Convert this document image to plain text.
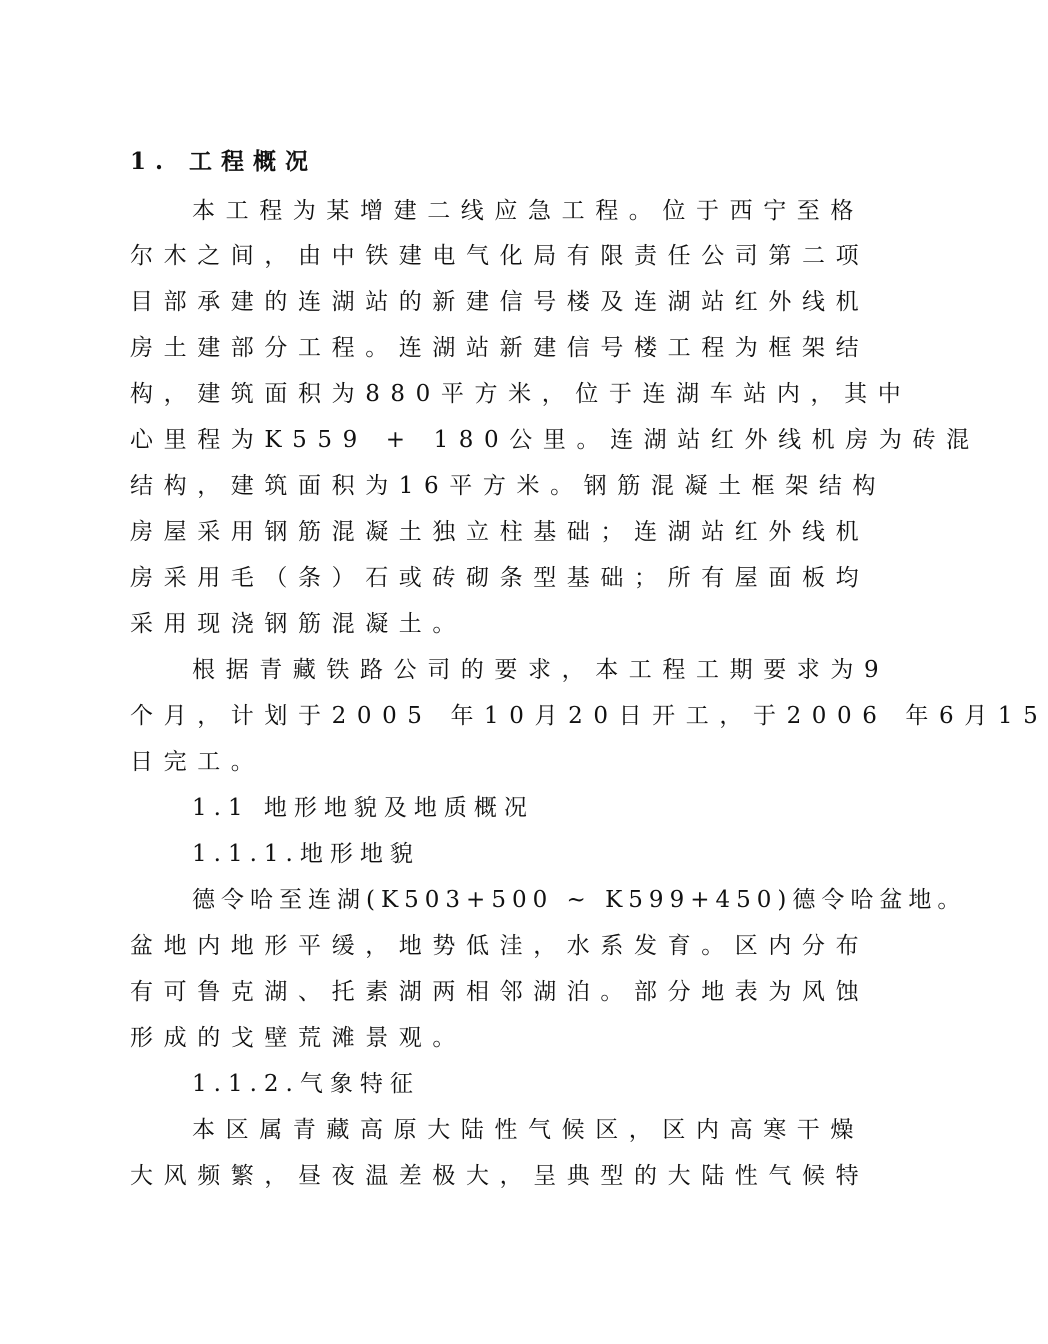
1. 工程概况
本工程为某增建二线应急工程。位于西宁至格
尔木之间，由中铁建电气化局有限责任公司第二项
目部承建的连湖站的新建信号楼及连湖站红外线机
房土建部分工程。连湖站新建信号楼工程为框架结
构，建筑面积为880平方米，位于连湖车站内，其中
心里程为K559 + 180公里。连湖站红外线机房为砖混
结构，建筑面积为16平方米。钢筋混凝土框架结构
房屋采用钢筋混凝土独立柱基础；连湖站红外线机
房采用毛（条）石或砖砌条型基础；所有屋面板均
采用现浇钢筋混凝土。
根据青藏铁路公司的要求，本工程工期要求为9
个月，计划于2005 年10月20日开工，于2006 年6月15
日完工。
1.1 地形地貌及地质概况
1.1.1.地形地貌
德令哈至连湖(K503+500 ~ K599+450)德令哈盆地。
盆地内地形平缓，地势低洼，水系发育。区内分布
有可鲁克湖、托素湖两相邻湖泊。部分地表为风蚀
形成的戈壁荒滩景观。
1.1.2.气象特征
本区属青藏高原大陆性气候区，区内高寒干燥
大风频繁，昼夜温差极大，呈典型的大陆性气候特
